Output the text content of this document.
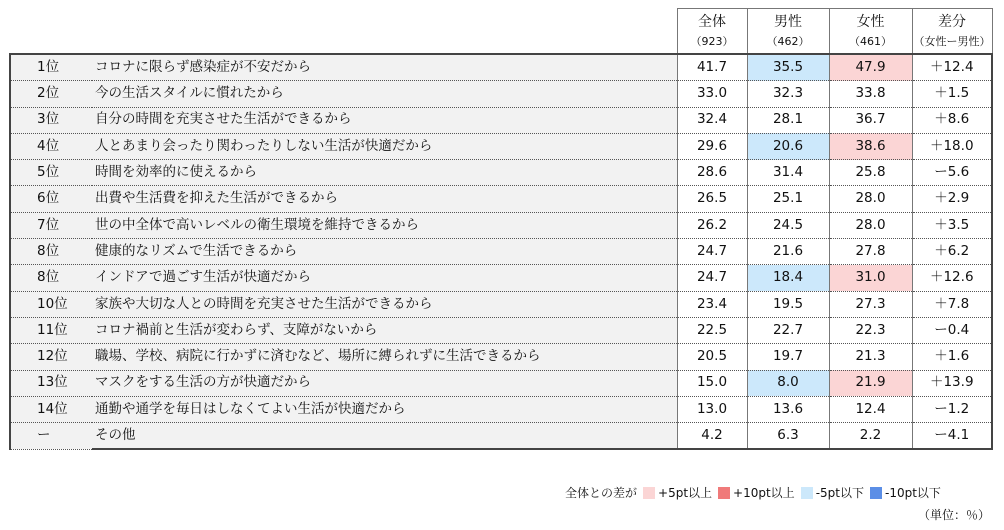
		全体	男性	女性	差分
		（923）	（462）	（461）	（女性ー男性）
1位	コロナに限らず感染症が不安だから	41.7	35.5	47.9	＋12.4
2位	今の生活スタイルに慣れたから	33.0	32.3	33.8	＋1.5
3位	自分の時間を充実させた生活ができるから	32.4	28.1	36.7	＋8.6
4位	人とあまり会ったり関わったりしない生活が快適だから	29.6	20.6	38.6	＋18.0
5位	時間を効率的に使えるから	28.6	31.4	25.8	ー5.6
6位	出費や生活費を抑えた生活ができるから	26.5	25.1	28.0	＋2.9
7位	世の中全体で高いレベルの衛生環境を維持できるから	26.2	24.5	28.0	＋3.5
8位	健康的なリズムで生活できるから	24.7	21.6	27.8	＋6.2
8位	インドアで過ごす生活が快適だから	24.7	18.4	31.0	＋12.6
10位	家族や大切な人との時間を充実させた生活ができるから	23.4	19.5	27.3	＋7.8
11位	コロナ禍前と生活が変わらず、支障がないから	22.5	22.7	22.3	ー0.4
12位	職場、学校、病院に行かずに済むなど、場所に縛られずに生活できるから	20.5	19.7	21.3	＋1.6
13位	マスクをする生活の方が快適だから	15.0	8.0	21.9	＋13.9
14位	通勤や通学を毎日はしなくてよい生活が快適だから	13.0	13.6	12.4	ー1.2
ー	その他	4.2	6.3	2.2	ー4.1
全体との差が +5pt以上 +10pt以上 -5pt以下 -10pt以下
（単位：％）
